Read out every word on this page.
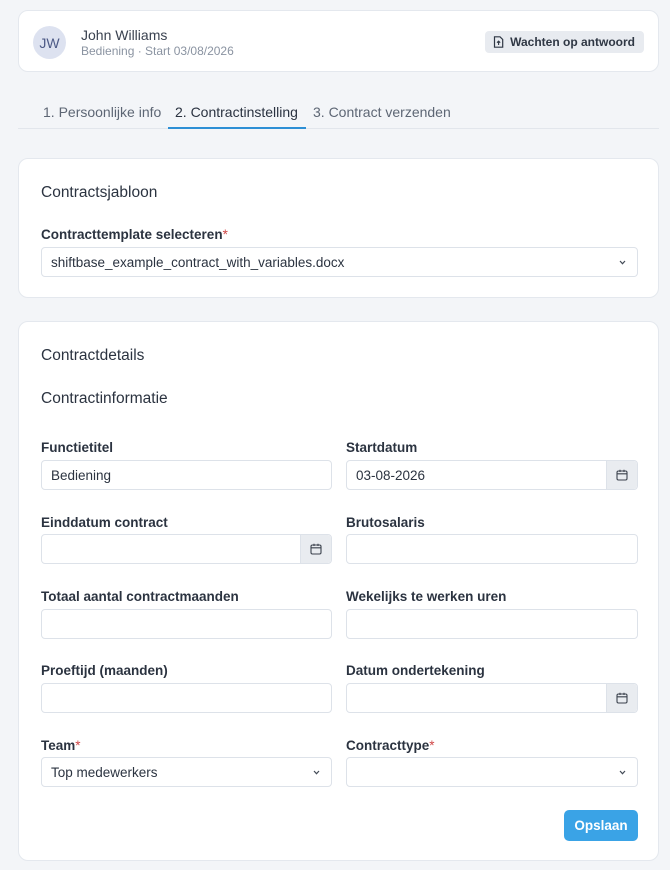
JW	John Williams
Bediening · Start 03/08/2026
Wachten op antwoord
1. Persoonlijke info 2. Contractinstelling 3. Contract verzenden
Contractsjabloon
Contracttemplate selecteren*
shiftbase_example_contract_with_variables.docx
Contractdetails
Contractinformatie
Functietitel
Bediening
Startdatum
03-08-2026
Einddatum contract	Brutosalaris
Totaal aantal contractmaanden	Wekelijks te werken uren
Proeftijd (maanden)	Datum ondertekening
Team*
Top medewerkers
Contracttype*
Opslaan
